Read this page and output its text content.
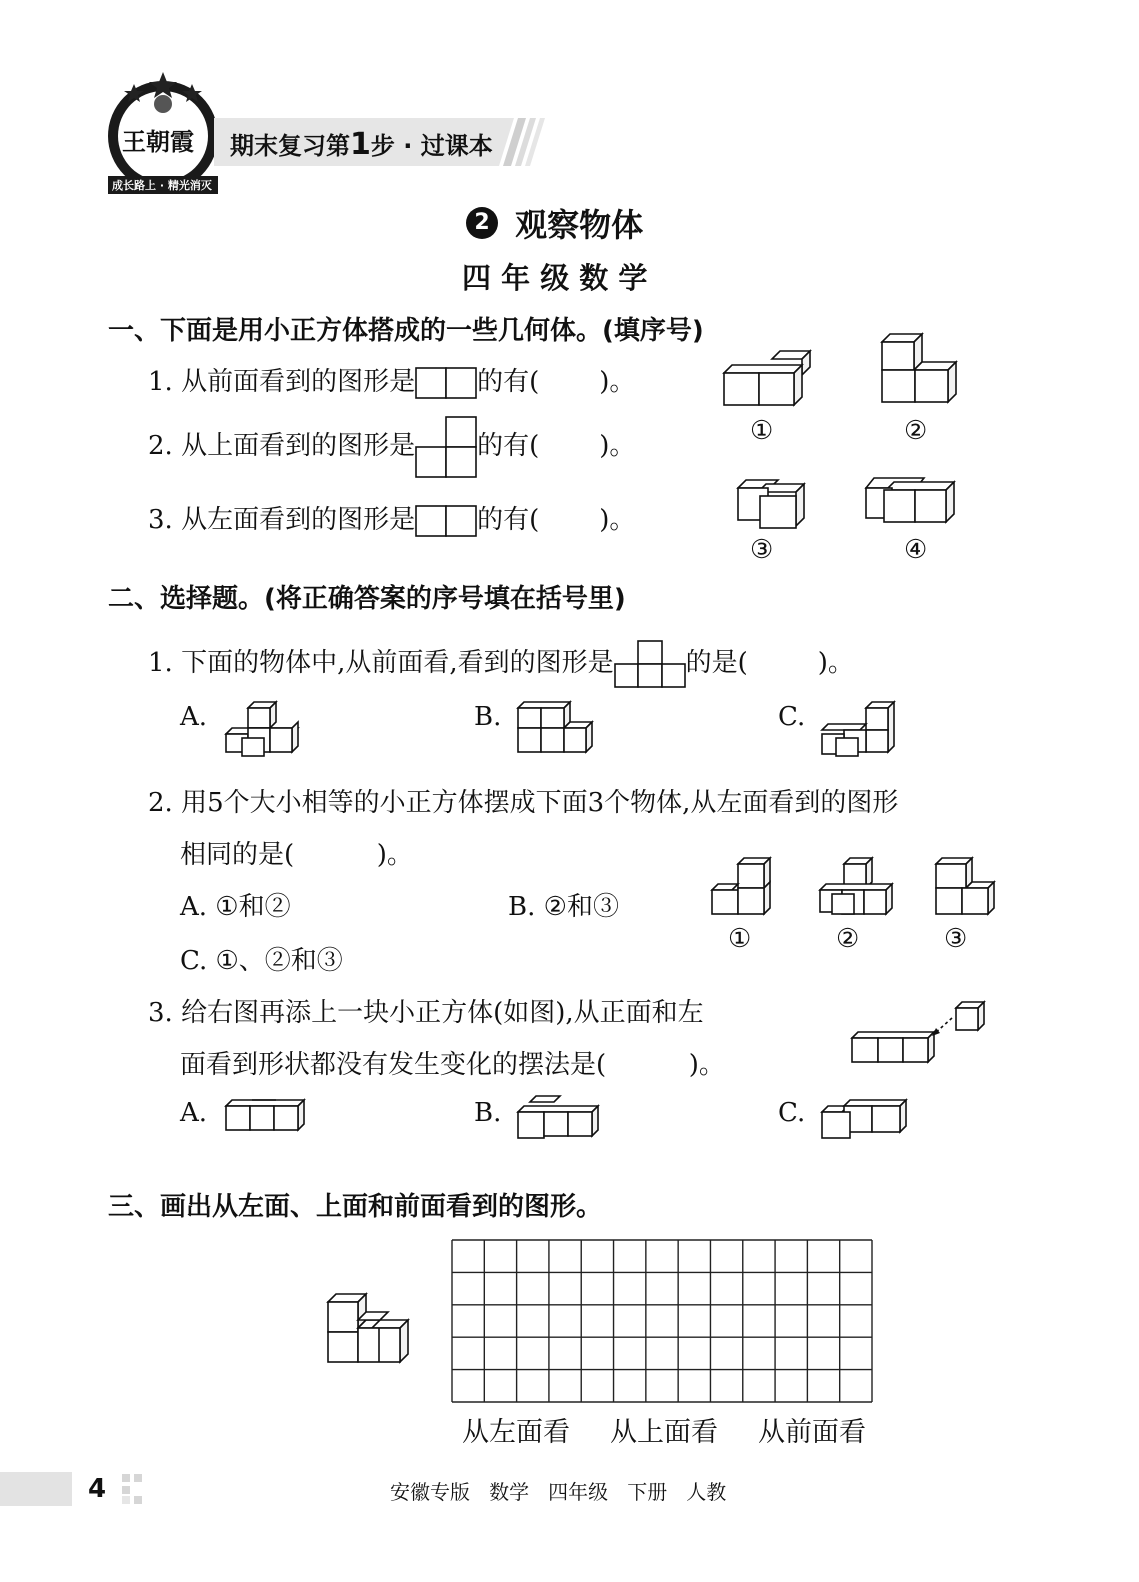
王朝霞
成长路上 · 精光消灭
期末复习第1步 · 过课本
2 观察物体
四 年 级 数 学
一、下面是用小正方体搭成的一些几何体。(填序号)
1. 从前面看到的图形是 的有( )。
2. 从上面看到的图形是 的有( )。
3. 从左面看到的图形是 的有( )。
①	②
③	④
二、选择题。(将正确答案的序号填在括号里)
1. 下面的物体中,从前面看,看到的图形是	的是(	)。
A.	B.	C.
2. 用5个大小相等的小正方体摆成下面3个物体,从左面看到的图形
相同的是(          )。
A. ①和②	B. ②和③
C. ①、②和③
①	②	③
3. 给右图再添上一块小正方体(如图),从正面和左
面看到形状都没有发生变化的摆法是(          )。
A.	B.	C.
三、画出从左面、上面和前面看到的图形。
从左面看 从上面看 从前面看
4	安徽专版   数学   四年级   下册   人教
